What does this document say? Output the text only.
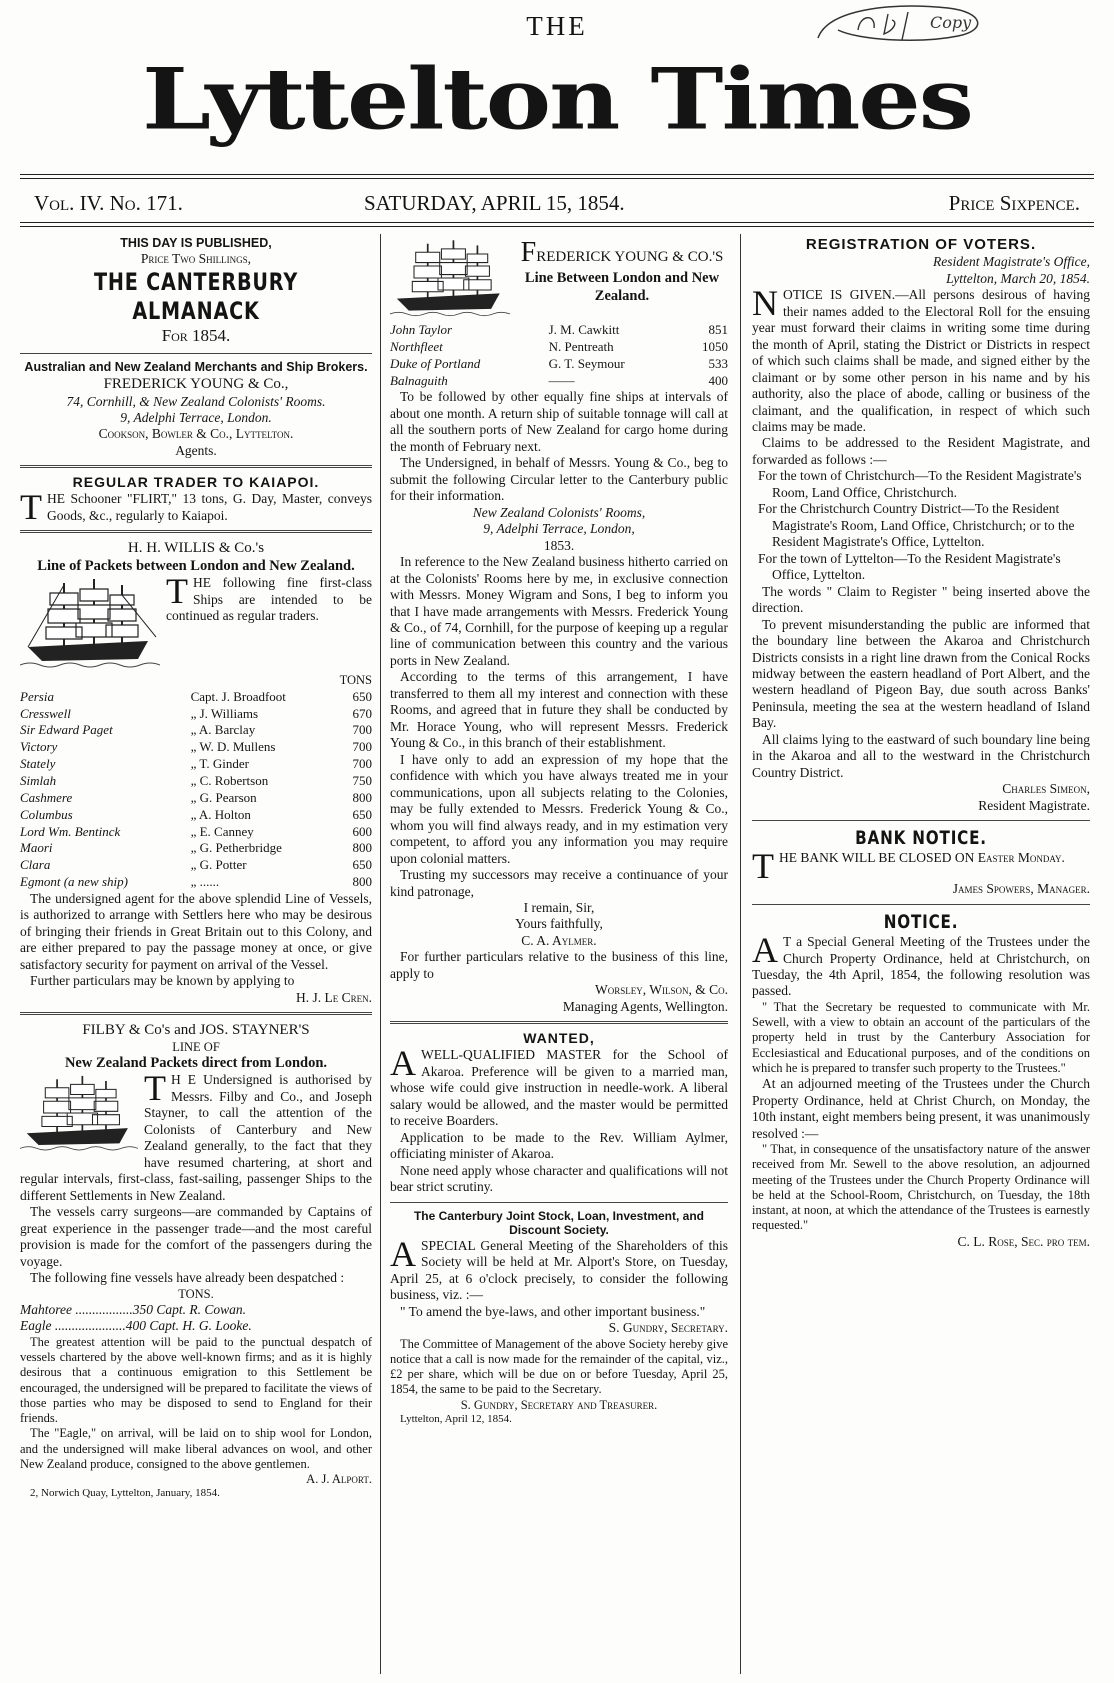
THE	Copy
Lyttelton Times
Vol. IV. No. 171.	SATURDAY, APRIL 15, 1854.	Price Sixpence.

THIS DAY IS PUBLISHED,

Price Two Shillings,

THE CANTERBURY ALMANACK

For 1854.

Australian and New Zealand Merchants and Ship Brokers.

FREDERICK YOUNG & Co.,

74, Cornhill, & New Zealand Colonists' Rooms.

9, Adelphi Terrace, London.

Cookson, Bowler & Co., Lyttelton.

Agents.

REGULAR TRADER TO KAIAPOI.

THE Schooner "FLIRT," 13 tons, G. Day, Master, conveys Goods, &c., regularly to Kaiapoi.

H. H. WILLIS & Co.'s

Line of Packets between London and New Zealand.

THE following fine first-class Ships are intended to be continued as regular traders.

TONS

Persia	Capt. J. Broadfoot	650
Cresswell	„ J. Williams	670
Sir Edward Paget	„ A. Barclay	700
Victory	„ W. D. Mullens	700
Stately	„ T. Ginder	700
Simlah	„ C. Robertson	750
Cashmere	„ G. Pearson	800
Columbus	„ A. Holton	650
Lord Wm. Bentinck	„ E. Canney	600
Maori	„ G. Petherbridge	800
Clara	„ G. Potter	650
Egmont (a new ship)	„ ......	800

The undersigned agent for the above splendid Line of Vessels, is authorized to arrange with Settlers here who may be desirous of bringing their friends in Great Britain out to this Colony, and are either prepared to pay the passage money at once, or give satisfactory security for payment on arrival of the Vessel.

Further particulars may be known by applying to

H. J. Le Cren.

FILBY & Co's and JOS. STAYNER'S

LINE OF

New Zealand Packets direct from London.

T H E Undersigned is authorised by Messrs. Filby and Co., and Joseph Stayner, to call the attention of the Colonists of Canterbury and New Zealand generally, to the fact that they have resumed chartering, at short and regular intervals, first-class, fast-sailing, passenger Ships to the different Settlements in New Zealand.

The vessels carry surgeons—are commanded by Captains of great experience in the passenger trade—and the most careful provision is made for the comfort of the passengers during the voyage.

The following fine vessels have already been despatched :

TONS.

Mahtoree .................350 Capt. R. Cowan.

Eagle .....................400 Capt. H. G. Looke.

The greatest attention will be paid to the punctual despatch of vessels chartered by the above well-known firms; and as it is highly desirous that a continuous emigration to this Settlement be encouraged, the undersigned will be prepared to facilitate the views of those parties who may be disposed to send to England for their friends.

The "Eagle," on arrival, will be laid on to ship wool for London, and the undersigned will make liberal advances on wool, and other New Zealand produce, consigned to the above gentlemen.

A. J. Alport.

2, Norwich Quay, Lyttelton, January, 1854.

FREDERICK YOUNG & CO.'S

Line Between London and New Zealand.

John Taylor	J. M. Cawkitt	851
Northfleet	N. Pentreath	1050
Duke of Portland	G. T. Seymour	533
Balnaguith	——	400

To be followed by other equally fine ships at intervals of about one month. A return ship of suitable tonnage will call at all the southern ports of New Zealand for cargo home during the month of February next.

The Undersigned, in behalf of Messrs. Young & Co., beg to submit the following Circular letter to the Canterbury public for their information.

New Zealand Colonists' Rooms,

9, Adelphi Terrace, London,

1853.

In reference to the New Zealand business hitherto carried on at the Colonists' Rooms here by me, in exclusive connection with Messrs. Money Wigram and Sons, I beg to inform you that I have made arrangements with Messrs. Frederick Young & Co., of 74, Cornhill, for the purpose of keeping up a regular line of communication between this country and the various ports in New Zealand.

According to the terms of this arrangement, I have transferred to them all my interest and connection with these Rooms, and agreed that in future they shall be conducted by Mr. Horace Young, who will represent Messrs. Frederick Young & Co., in this branch of their establishment.

I have only to add an expression of my hope that the confidence with which you have always treated me in your communications, upon all subjects relating to the Colonies, may be fully extended to Messrs. Frederick Young & Co., whom you will find always ready, and in my estimation very competent, to afford you any information you may require upon colonial matters.

Trusting my successors may receive a continuance of your kind patronage,

I remain, Sir,

Yours faithfully,

C. A. Aylmer.

For further particulars relative to the business of this line, apply to

Worsley, Wilson, & Co.

Managing Agents, Wellington.

WANTED,

AWELL-QUALIFIED MASTER for the School of Akaroa. Preference will be given to a married man, whose wife could give instruction in needle-work. A liberal salary would be allowed, and the master would be permitted to receive Boarders.

Application to be made to the Rev. William Aylmer, officiating minister of Akaroa.

None need apply whose character and qualifications will not bear strict scrutiny.

The Canterbury Joint Stock, Loan, Investment, and Discount Society.

ASPECIAL General Meeting of the Shareholders of this Society will be held at Mr. Alport's Store, on Tuesday, April 25, at 6 o'clock precisely, to consider the following business, viz. :—

" To amend the bye-laws, and other important business."

S. Gundry, Secretary.

The Committee of Management of the above Society hereby give notice that a call is now made for the remainder of the capital, viz., £2 per share, which will be due on or before Tuesday, April 25, 1854, the same to be paid to the Secretary.

S. Gundry, Secretary and Treasurer.

Lyttelton, April 12, 1854.

REGISTRATION OF VOTERS.

Resident Magistrate's Office,

Lyttelton, March 20, 1854.

NOTICE IS GIVEN.—All persons desirous of having their names added to the Electoral Roll for the ensuing year must forward their claims in writing some time during the month of April, stating the District or Districts in respect of which such claims shall be made, and signed either by the claimant or by some other person in his name and by his authority, also the place of abode, calling or business of the claimant, and the qualification, in respect of which such claims may be made.

Claims to be addressed to the Resident Magistrate, and forwarded as follows :—

For the town of Christchurch—To the Resident Magistrate's Room, Land Office, Christchurch.

For the Christchurch Country District—To the Resident Magistrate's Room, Land Office, Christchurch; or to the Resident Magistrate's Office, Lyttelton.

For the town of Lyttelton—To the Resident Magistrate's Office, Lyttelton.

The words " Claim to Register " being inserted above the direction.

To prevent misunderstanding the public are informed that the boundary line between the Akaroa and Christchurch Districts consists in a right line drawn from the Conical Rocks midway between the eastern headland of Port Albert, and the western headland of Pigeon Bay, due south across Banks' Peninsula, meeting the sea at the western headland of Island Bay.

All claims lying to the eastward of such boundary line being in the Akaroa and all to the westward in the Christchurch Country District.

Charles Simeon,

Resident Magistrate.

BANK NOTICE.

THE BANK WILL BE CLOSED ON Easter Monday.

James Spowers, Manager.

NOTICE.

A T a Special General Meeting of the Trustees under the Church Property Ordinance, held at Christchurch, on Tuesday, the 4th April, 1854, the following resolution was passed.

" That the Secretary be requested to communicate with Mr. Sewell, with a view to obtain an account of the particulars of the property held in trust by the Canterbury Association for Ecclesiastical and Educational purposes, and of the conditions on which he is prepared to transfer such property to the Trustees."

At an adjourned meeting of the Trustees under the Church Property Ordinance, held at Christ Church, on Monday, the 10th instant, eight members being present, it was unanimously resolved :—

" That, in consequence of the unsatisfactory nature of the answer received from Mr. Sewell to the above resolution, an adjourned meeting of the Trustees under the Church Property Ordinance will be held at the School-Room, Christchurch, on Tuesday, the 18th instant, at noon, at which the attendance of the Trustees is earnestly requested."

C. L. Rose, Sec. pro tem.
